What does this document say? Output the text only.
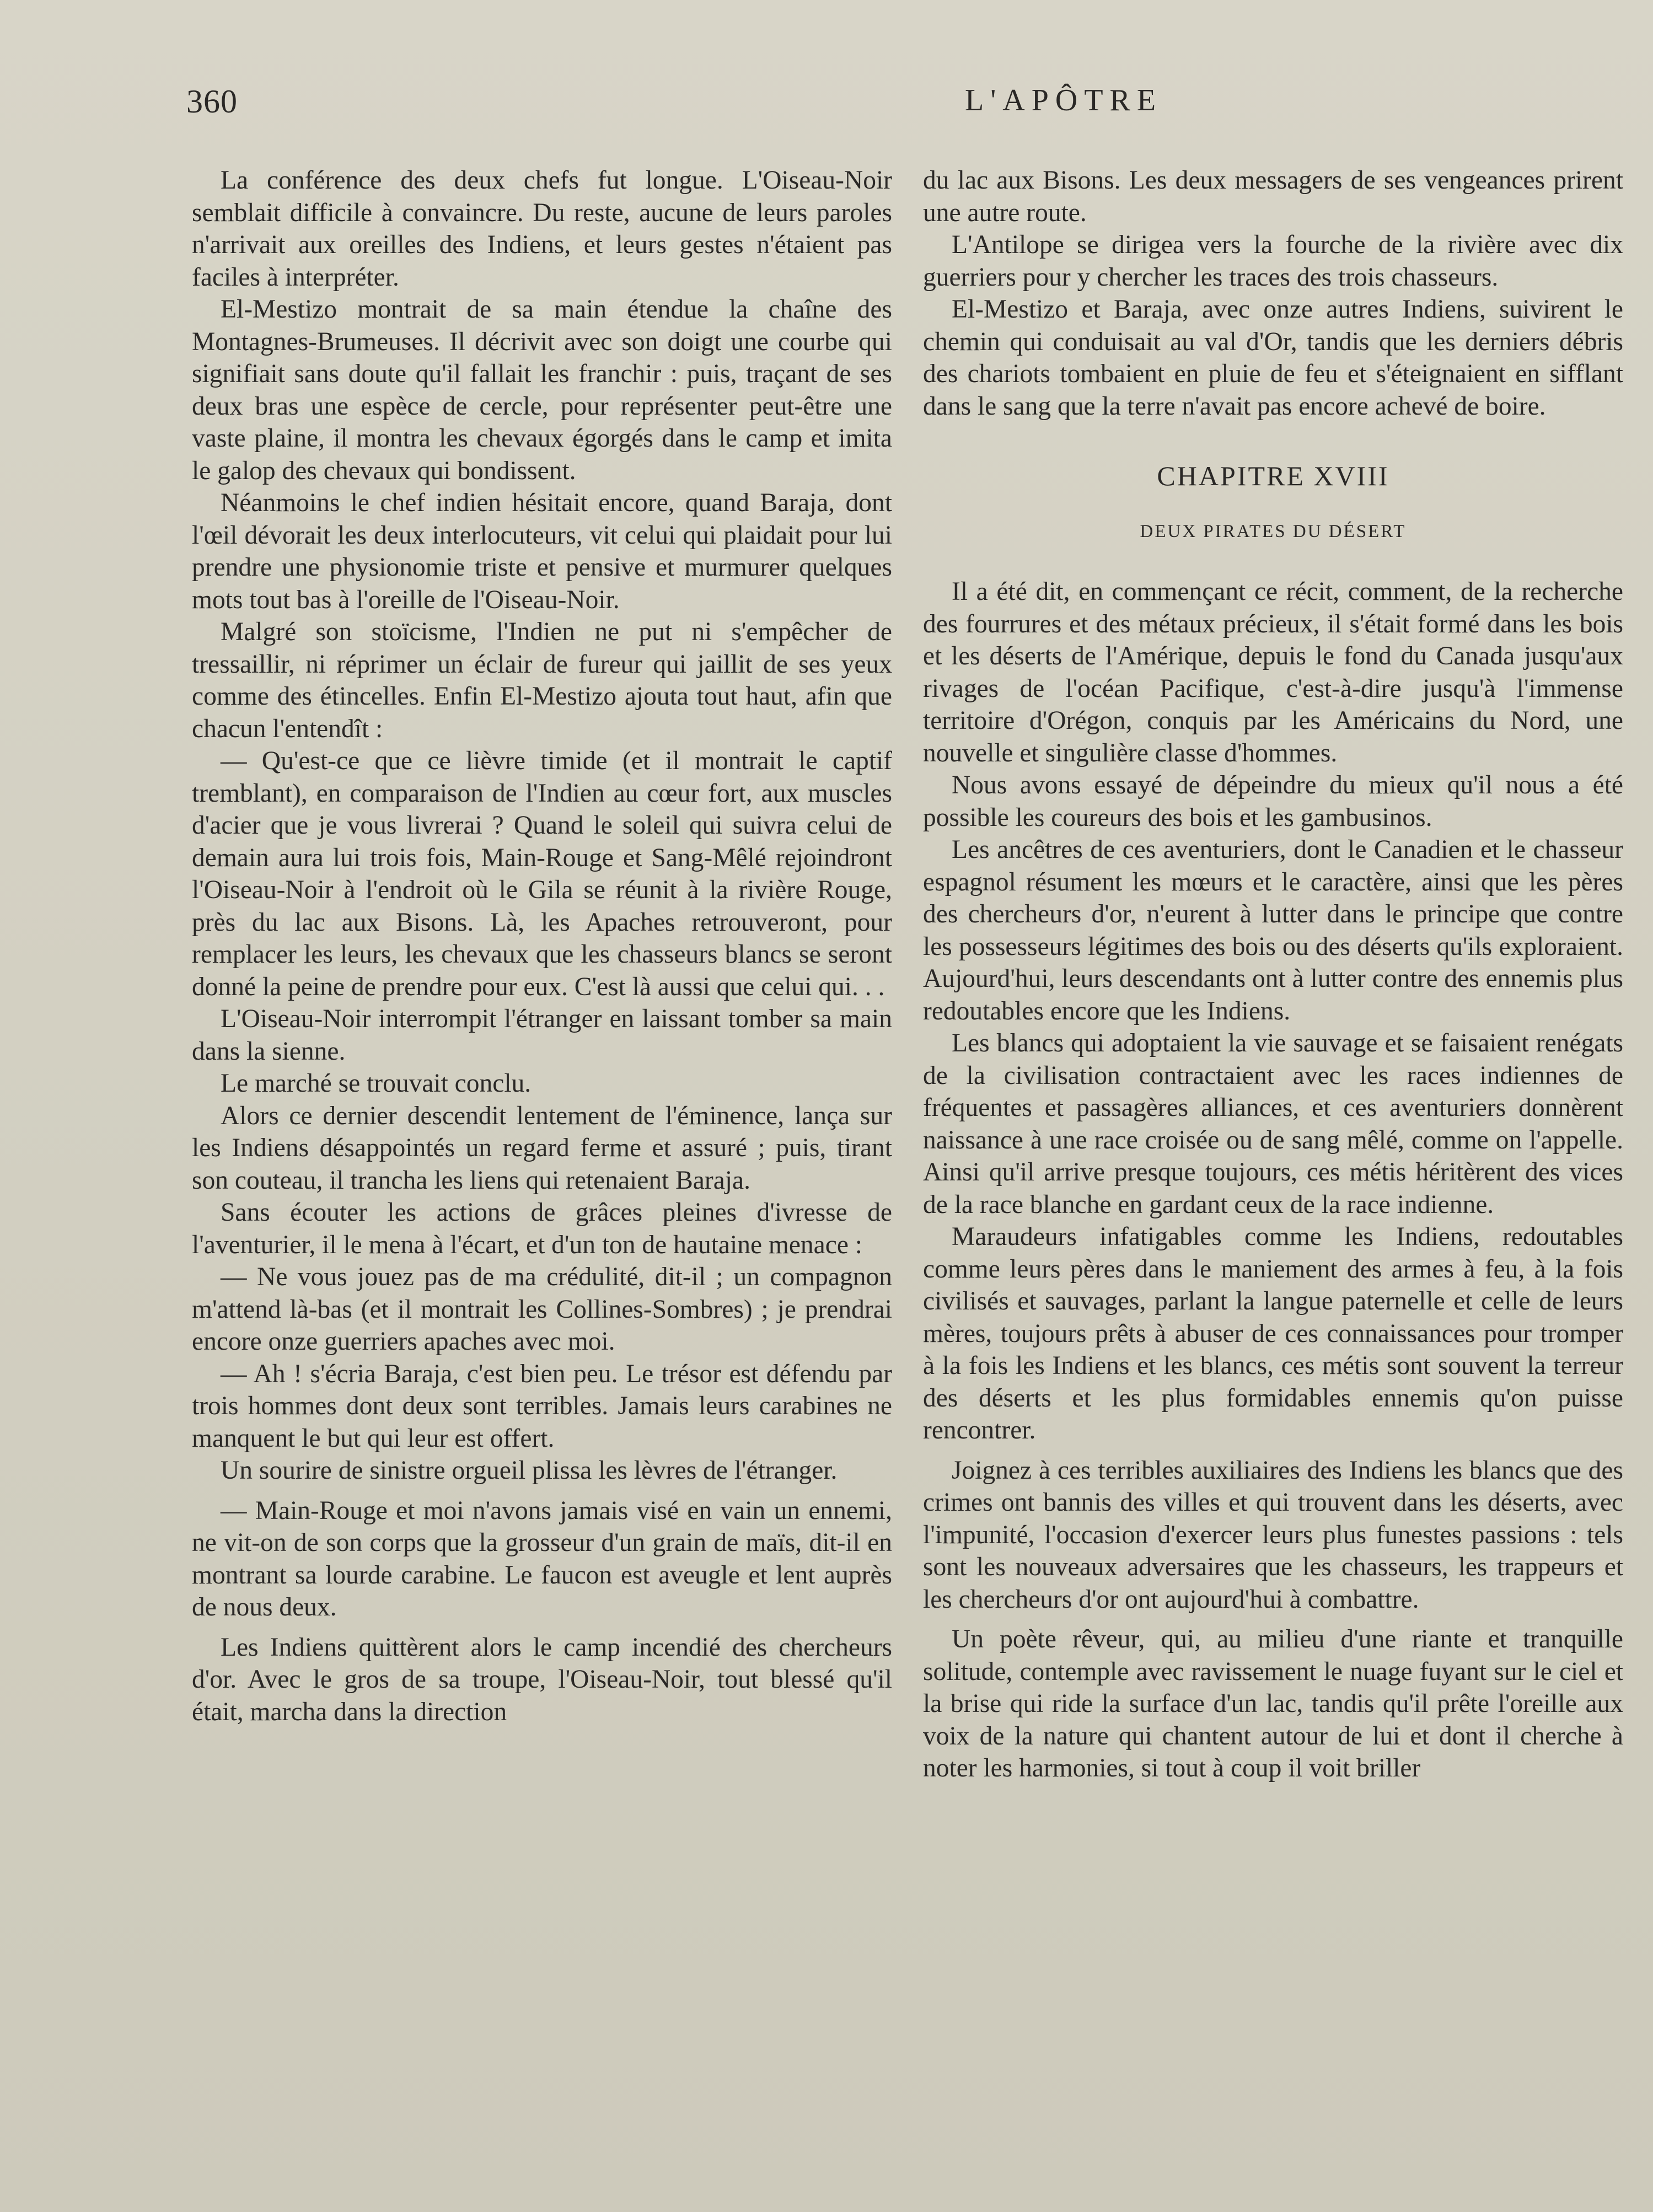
360	L'APÔTRE

La conférence des deux chefs fut longue. L'Oiseau-Noir semblait difficile à convaincre. Du reste, aucune de leurs paroles n'arrivait aux oreilles des Indiens, et leurs gestes n'étaient pas faciles à interpréter.

El-Mestizo montrait de sa main étendue la chaîne des Montagnes-Brumeuses. Il décrivit avec son doigt une courbe qui signifiait sans doute qu'il fallait les franchir : puis, traçant de ses deux bras une espèce de cercle, pour représenter peut-être une vaste plaine, il montra les chevaux égorgés dans le camp et imita le galop des chevaux qui bondissent.

Néanmoins le chef indien hésitait encore, quand Baraja, dont l'œil dévorait les deux interlocuteurs, vit celui qui plaidait pour lui prendre une physionomie triste et pensive et murmurer quelques mots tout bas à l'oreille de l'Oiseau-Noir.

Malgré son stoïcisme, l'Indien ne put ni s'empêcher de tressaillir, ni réprimer un éclair de fureur qui jaillit de ses yeux comme des étincelles. Enfin El-Mestizo ajouta tout haut, afin que chacun l'entendît :

— Qu'est-ce que ce lièvre timide (et il montrait le captif tremblant), en comparaison de l'Indien au cœur fort, aux muscles d'acier que je vous livrerai ? Quand le soleil qui suivra celui de demain aura lui trois fois, Main-Rouge et Sang-Mêlé rejoindront l'Oiseau-Noir à l'endroit où le Gila se réunit à la rivière Rouge, près du lac aux Bisons. Là, les Apaches retrouveront, pour remplacer les leurs, les chevaux que les chasseurs blancs se seront donné la peine de prendre pour eux. C'est là aussi que celui qui. . .

L'Oiseau-Noir interrompit l'étranger en laissant tomber sa main dans la sienne.

Le marché se trouvait conclu.

Alors ce dernier descendit lentement de l'éminence, lança sur les Indiens désappointés un regard ferme et assuré ; puis, tirant son couteau, il trancha les liens qui retenaient Baraja.

Sans écouter les actions de grâces pleines d'ivresse de l'aventurier, il le mena à l'écart, et d'un ton de hautaine menace :

— Ne vous jouez pas de ma crédulité, dit-il ; un compagnon m'attend là-bas (et il montrait les Collines-Sombres) ; je prendrai encore onze guerriers apaches avec moi.

— Ah ! s'écria Baraja, c'est bien peu. Le trésor est défendu par trois hommes dont deux sont terribles. Jamais leurs carabines ne manquent le but qui leur est offert.

Un sourire de sinistre orgueil plissa les lèvres de l'étranger.

— Main-Rouge et moi n'avons jamais visé en vain un ennemi, ne vit-on de son corps que la grosseur d'un grain de maïs, dit-il en montrant sa lourde carabine. Le faucon est aveugle et lent auprès de nous deux.

Les Indiens quittèrent alors le camp incendié des chercheurs d'or. Avec le gros de sa troupe, l'Oiseau-Noir, tout blessé qu'il était, marcha dans la direction

du lac aux Bisons. Les deux messagers de ses vengeances prirent une autre route.

L'Antilope se dirigea vers la fourche de la rivière avec dix guerriers pour y chercher les traces des trois chasseurs.

El-Mestizo et Baraja, avec onze autres Indiens, suivirent le chemin qui conduisait au val d'Or, tandis que les derniers débris des chariots tombaient en pluie de feu et s'éteignaient en sifflant dans le sang que la terre n'avait pas encore achevé de boire.

CHAPITRE XVIII
DEUX PIRATES DU DÉSERT

Il a été dit, en commençant ce récit, comment, de la recherche des fourrures et des métaux précieux, il s'était formé dans les bois et les déserts de l'Amérique, depuis le fond du Canada jusqu'aux rivages de l'océan Pacifique, c'est-à-dire jusqu'à l'immense territoire d'Orégon, conquis par les Américains du Nord, une nouvelle et singulière classe d'hommes.

Nous avons essayé de dépeindre du mieux qu'il nous a été possible les coureurs des bois et les gambusinos.

Les ancêtres de ces aventuriers, dont le Canadien et le chasseur espagnol résument les mœurs et le caractère, ainsi que les pères des chercheurs d'or, n'eurent à lutter dans le principe que contre les possesseurs légitimes des bois ou des déserts qu'ils exploraient. Aujourd'hui, leurs descendants ont à lutter contre des ennemis plus redoutables encore que les Indiens.

Les blancs qui adoptaient la vie sauvage et se faisaient renégats de la civilisation contractaient avec les races indiennes de fréquentes et passagères alliances, et ces aventuriers donnèrent naissance à une race croisée ou de sang mêlé, comme on l'appelle. Ainsi qu'il arrive presque toujours, ces métis héritèrent des vices de la race blanche en gardant ceux de la race indienne.

Maraudeurs infatigables comme les Indiens, redoutables comme leurs pères dans le maniement des armes à feu, à la fois civilisés et sauvages, parlant la langue paternelle et celle de leurs mères, toujours prêts à abuser de ces connaissances pour tromper à la fois les Indiens et les blancs, ces métis sont souvent la terreur des déserts et les plus formidables ennemis qu'on puisse rencontrer.

Joignez à ces terribles auxiliaires des Indiens les blancs que des crimes ont bannis des villes et qui trouvent dans les déserts, avec l'impunité, l'occasion d'exercer leurs plus funestes passions : tels sont les nouveaux adversaires que les chasseurs, les trappeurs et les chercheurs d'or ont aujourd'hui à combattre.

Un poète rêveur, qui, au milieu d'une riante et tranquille solitude, contemple avec ravissement le nuage fuyant sur le ciel et la brise qui ride la surface d'un lac, tandis qu'il prête l'oreille aux voix de la nature qui chantent autour de lui et dont il cherche à noter les harmonies, si tout à coup il voit briller
